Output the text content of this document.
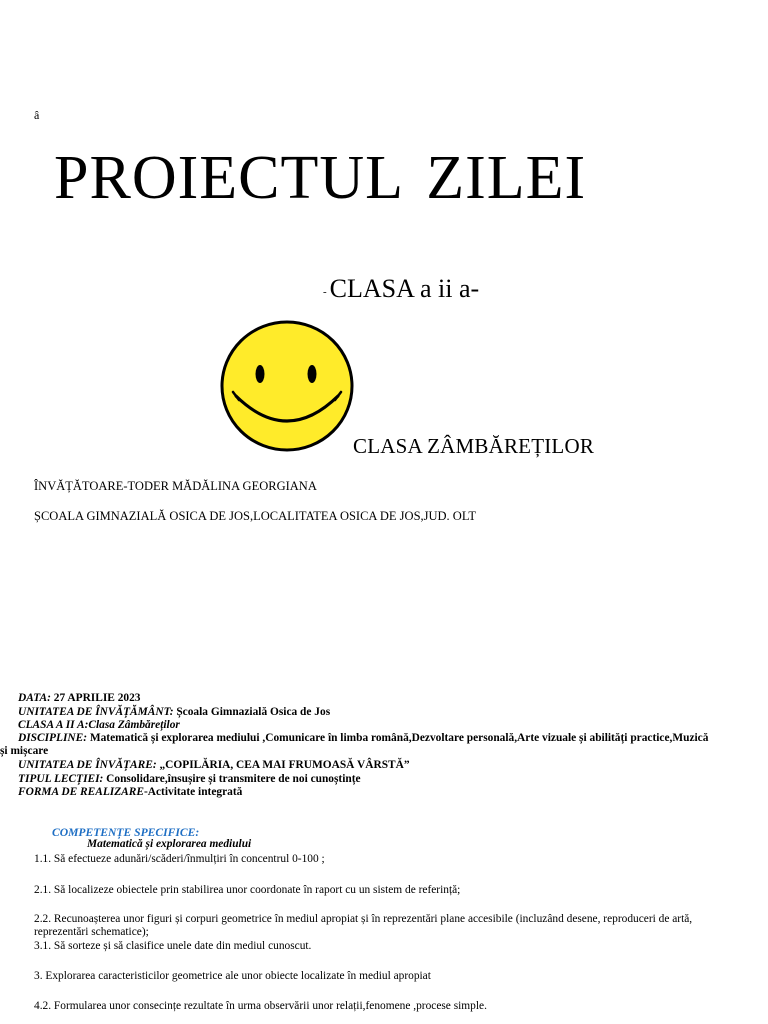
â
PROIECTUL ZILEI
- CLASA a ii a-
CLASA ZÂMBĂREȚILOR
ÎNVĂȚĂTOARE-TODER MĂDĂLINA GEORGIANA
ȘCOALA GIMNAZIALĂ OSICA DE JOS,LOCALITATEA OSICA DE JOS,JUD. OLT
DATA: 27 APRILIE 2023
UNITATEA DE ÎNVĂȚĂMÂNT: Școala Gimnazială Osica de Jos
CLASA A II A:Clasa Zâmbăreților
DISCIPLINE: Matematică și explorarea mediului ,Comunicare în limba română,Dezvoltare personală,Arte vizuale și abilități practice,Muzică
și mișcare
UNITATEA DE ÎNVĂȚARE: „COPILĂRIA, CEA MAI FRUMOASĂ VÂRSTĂ”
TIPUL LECȚIEI: Consolidare,însușire și transmitere de noi cunoștințe
FORMA DE REALIZARE-Activitate integrată
COMPETENȚE SPECIFICE:
Matematică și explorarea mediului
1.1. Să efectueze adunări/scăderi/înmulțiri în concentrul 0-100 ;
2.1. Să localizeze obiectele prin stabilirea unor coordonate în raport cu un sistem de referință;
2.2. Recunoașterea unor figuri și corpuri geometrice în mediul apropiat și în reprezentări plane accesibile (incluzând desene, reproduceri de artă,
reprezentări schematice);
3.1. Să sorteze și să clasifice unele date din mediul cunoscut.
3. Explorarea caracteristicilor geometrice ale unor obiecte localizate în mediul apropiat
4.2. Formularea unor consecințe rezultate în urma observării unor relații,fenomene ,procese simple.
